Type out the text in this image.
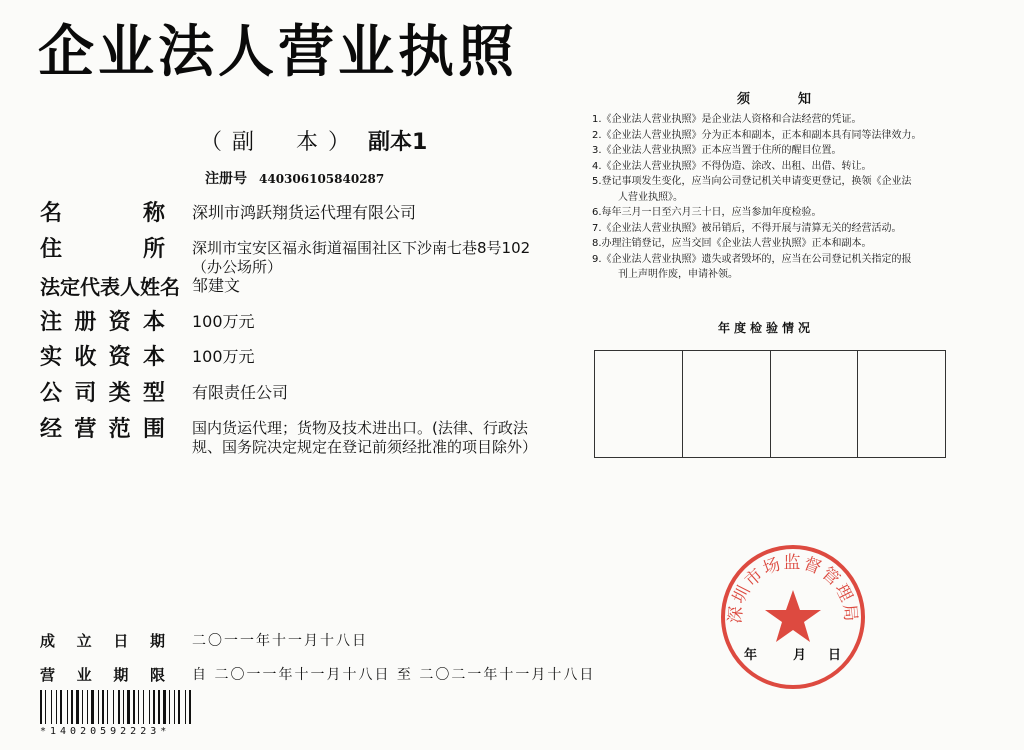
企业法人营业执照
（副　本） 副本1
注册号 440306105840287
名	称 深圳市鸿跃翔货运代理有限公司
住	所 深圳市宝安区福永街道福围社区下沙南七巷8号102
（办公场所）
法定代表人姓名 邹建文
注 册 资 本 100万元
实 收 资 本 100万元
公 司 类 型 有限责任公司
经 营 范 围 国内货运代理；货物及技术进出口。(法律、行政法
规、国务院决定规定在登记前须经批准的项目除外）
成 立 日 期 二〇一一年十一月十八日
营 业 期 限 自 二〇一一年十一月十八日 至 二〇二一年十一月十八日
*14020592223*
须知
1.《企业法人营业执照》是企业法人资格和合法经营的凭证。
2.《企业法人营业执照》分为正本和副本，正本和副本具有同等法律效力。
3.《企业法人营业执照》正本应当置于住所的醒目位置。
4.《企业法人营业执照》不得伪造、涂改、出租、出借、转让。
5.登记事项发生变化，应当向公司登记机关申请变更登记，换领《企业法
人营业执照》。
6.每年三月一日至六月三十日，应当参加年度检验。
7.《企业法人营业执照》被吊销后，不得开展与清算无关的经营活动。
8.办理注销登记，应当交回《企业法人营业执照》正本和副本。
9.《企业法人营业执照》遗失或者毁坏的，应当在公司登记机关指定的报
刊上声明作废，申请补领。
年度检验情况
年	月 日
深圳市场监督管理局
